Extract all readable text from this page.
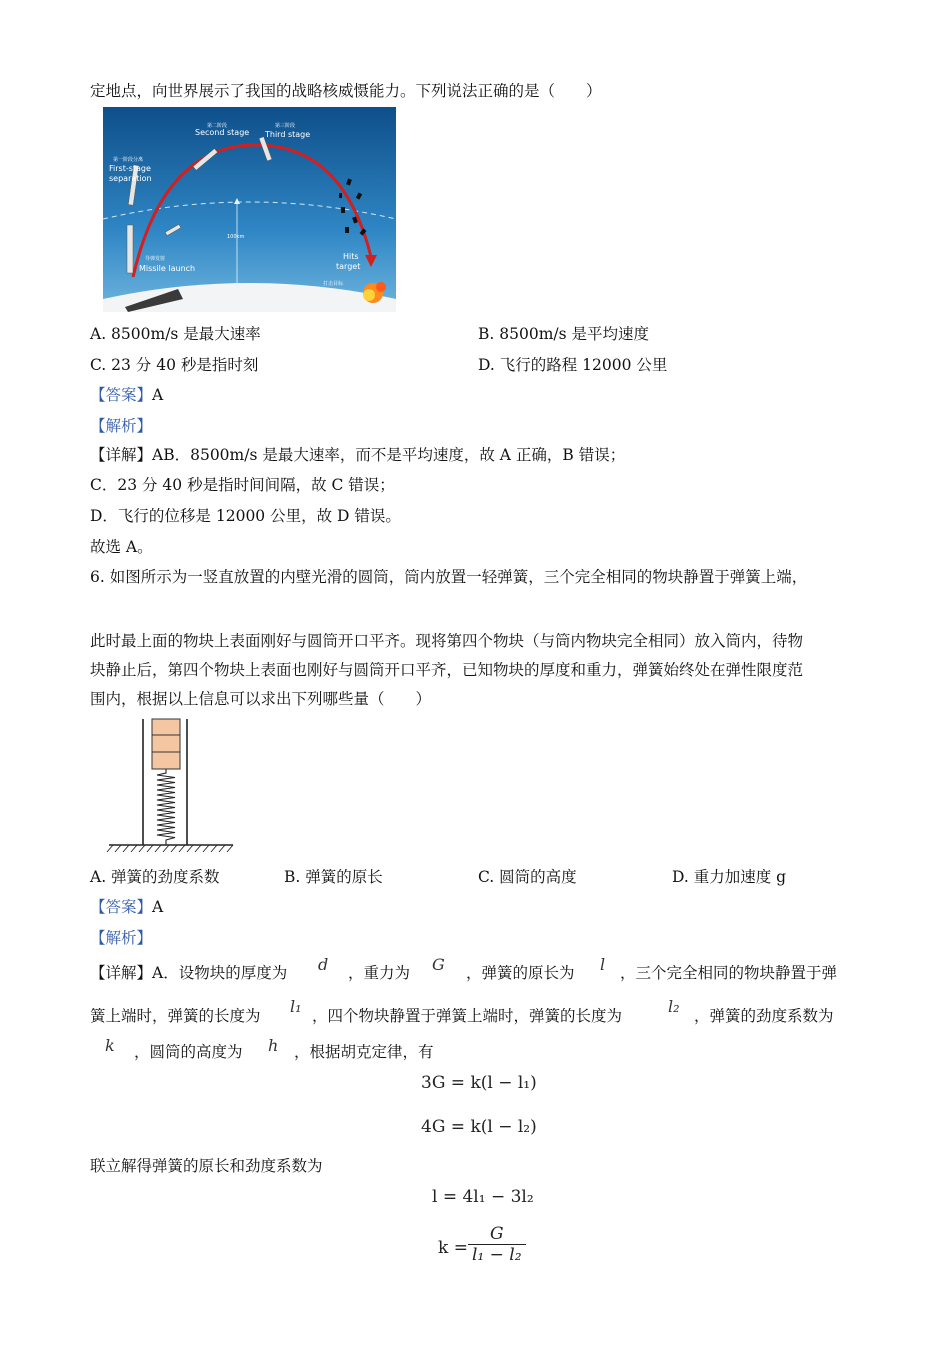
定地点，向世界展示了我国的战略核威慑能力。下列说法正确的是（　　）
第二阶段
Second stage
第三阶段
Third stage
第一阶段分离
First-stage
separation
100km
导弹发射
Missile launch
Hits
target
打击目标
A. 8500m/s 是最大速率	B. 8500m/s 是平均速度
C. 23 分 40 秒是指时刻	D. 飞行的路程 12000 公里
【答案】A
【解析】
【详解】AB．8500m/s 是最大速率，而不是平均速度，故 A 正确，B 错误；
C．23 分 40 秒是指时间间隔，故 C 错误；
D．飞行的位移是 12000 公里，故 D 错误。
故选 A。
6. 如图所示为一竖直放置的内壁光滑的圆筒，筒内放置一轻弹簧，三个完全相同的物块静置于弹簧上端，
此时最上面的物块上表面刚好与圆筒开口平齐。现将第四个物块（与筒内物块完全相同）放入筒内，待物
块静止后，第四个物块上表面也刚好与圆筒开口平齐，已知物块的厚度和重力，弹簧始终处在弹性限度范
围内，根据以上信息可以求出下列哪些量（　　）
A. 弹簧的劲度系数	B. 弹簧的原长	C. 圆筒的高度	D. 重力加速度 g
【答案】A
【解析】
【详解】A．设物块的厚度为 d ，重力为 G ，弹簧的原长为 l ，三个完全相同的物块静置于弹
簧上端时，弹簧的长度为 l₁ ，四个物块静置于弹簧上端时，弹簧的长度为	l₂ ，弹簧的劲度系数为
k ，圆筒的高度为 h ，根据胡克定律，有
3G = k(l − l₁)
4G = k(l − l₂)
联立解得弹簧的原长和劲度系数为
l = 4l₁ − 3l₂
$k = \frac{G}{\text{l₁ − l₂}}$
